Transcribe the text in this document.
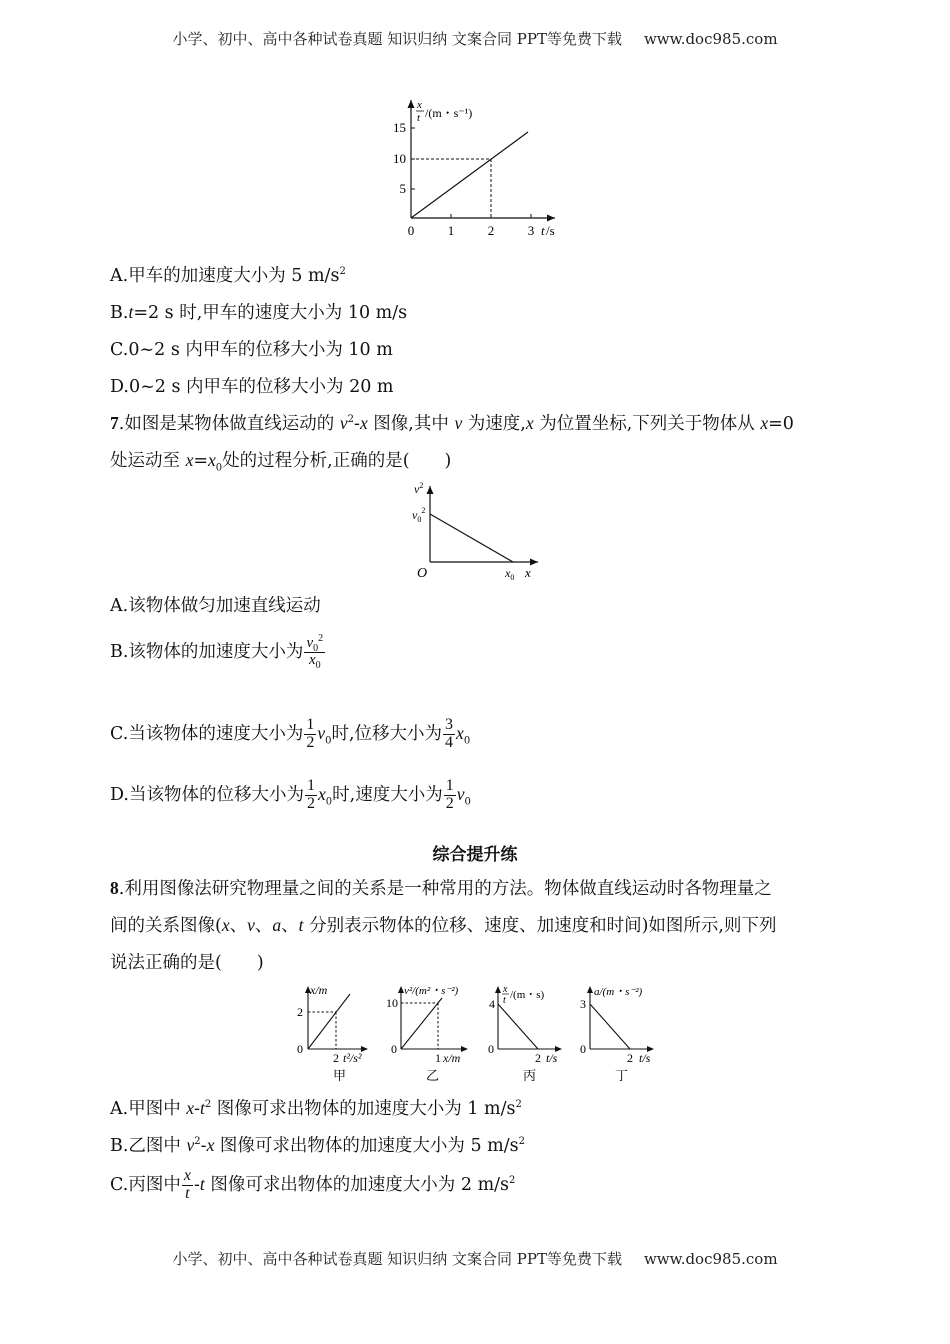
小学、初中、高中各种试卷真题 知识归纳 文案合同 PPT等免费下载 www.doc985.com
x
t /(m・s⁻¹)
15
10
5
0	1	2	3 t /s
A.甲车的加速度大小为 5 $m/s^2$
B.t=2 s 时,甲车的速度大小为 10 m/s
C.0~2 s 内甲车的位移大小为 10 m
D.0~2 s 内甲车的位移大小为 20 m
7.如图是某物体做直线运动的 $v^2-x$ 图像,其中 v 为速度,x 为位置坐标,下列关于物体从 x=0
处运动至 $x=x_0$处的过程分析,正确的是(　　)
$v^2$
$v_0^2$
O	$x_0$ x
A.该物体做匀加速直线运动
B.该物体的加速度大小为 $\frac{v_0^2}{x_0}$
C.当该物体的速度大小为 $\frac{1}{2} v_0$时,位移大小为 $\frac{3}{4} x_0$
D.当该物体的位移大小为 $\frac{1}{2} x_0$时,速度大小为 $\frac{1}{2} v_0$
综合提升练
8.利用图像法研究物理量之间的关系是一种常用的方法。物体做直线运动时各物理量之
间的关系图像(x、v、a、t 分别表示物体的位移、速度、加速度和时间)如图所示,则下列
说法正确的是(　　)
x/m
2
0
2 t²/s²
甲
v²/(m²・s⁻²)
10
0
1 x/m
乙
x
t /(m・s)
4
0
2 t/s
丙
a/(m・s⁻²)
3
0
2 t/s
丁
A.甲图中 $x-t^2$ 图像可求出物体的加速度大小为 1 $m/s^2$
B.乙图中 $v^2-x$ 图像可求出物体的加速度大小为 5 $m/s^2$
C.丙图中 $\frac{x}{t} -t$ 图像可求出物体的加速度大小为 2 $m/s^2$
小学、初中、高中各种试卷真题 知识归纳 文案合同 PPT等免费下载 www.doc985.com
